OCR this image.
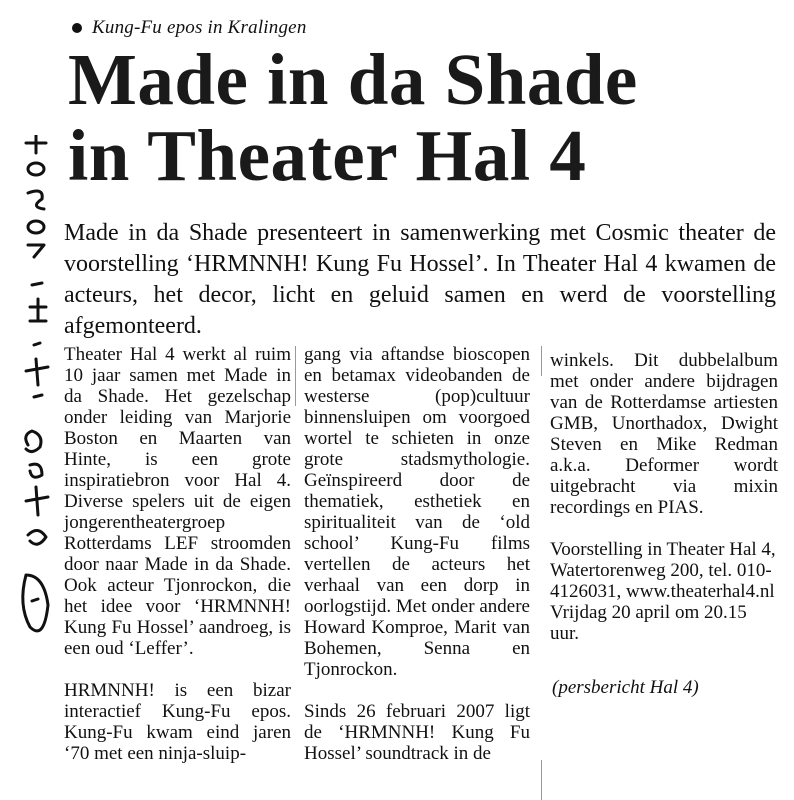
Kung-Fu epos in Kralingen
Made in da Shade
in Theater Hal 4
Made in da Shade presenteert in samenwerking met Cosmic theater de voorstelling ‘HRMNNH! Kung Fu Hossel’. In Theater Hal 4 kwamen de acteurs, het decor, licht en geluid samen en werd de voorstelling afgemonteerd.

Theater Hal 4 werkt al ruim 10 jaar samen met Made in da Shade. Het gezelschap onder leiding van Marjorie Boston en Maarten van Hinte, is een grote inspiratiebron voor Hal 4. Diverse spelers uit de eigen jongerentheatergroep Rotterdams LEF stroomden door naar Made in da Shade. Ook acteur Tjonrockon, die het idee voor ‘HRMNNH! Kung Fu Hossel’ aandroeg, is een oud ‘Leffer’.

HRMNNH! is een bizar interactief Kung-Fu epos. Kung-Fu kwam eind jaren ‘70 met een ninja-sluip-

gang via aftandse bioscopen en betamax videobanden de westerse (pop)cultuur binnensluipen om voorgoed wortel te schieten in onze grote stadsmythologie. Geïnspireerd door de thematiek, esthetiek en spiritualiteit van de ‘old school’ Kung-Fu films vertellen de acteurs het verhaal van een dorp in oorlogstijd. Met onder andere Howard Komproe, Marit van Bohemen, Senna en Tjonrockon.

Sinds 26 februari 2007 ligt de ‘HRMNNH! Kung Fu Hossel’ soundtrack in de

winkels. Dit dubbelalbum met onder andere bijdragen van de Rotterdamse artiesten GMB, Unorthadox, Dwight Steven en Mike Redman a.k.a. Deformer wordt uitgebracht via mixin recordings en PIAS.

Voorstelling in Theater Hal 4, Watertorenweg 200, tel. 010-4126031, www.theaterhal4.nl Vrijdag 20 april om 20.15 uur.

(persbericht Hal 4)
